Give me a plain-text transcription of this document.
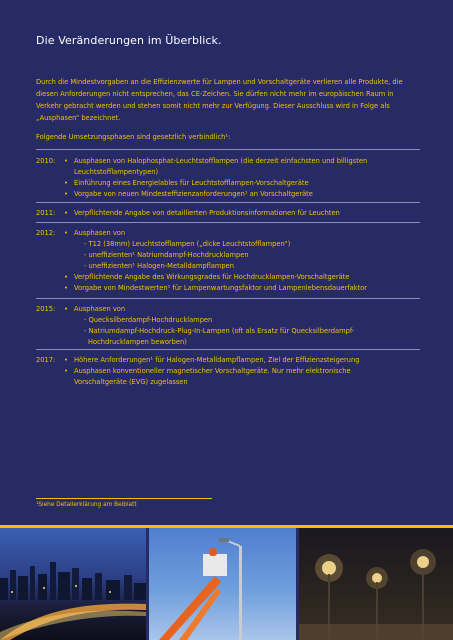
Die Veränderungen im Überblick.
Durch die Mindestvorgaben an die Effizienzwerte für Lampen und Vorschaltgeräte verlieren alle Produkte, die diesen Anforderungen nicht entsprechen, das CE-Zeichen. Sie dürfen nicht mehr im europäischen Raum in Verkehr gebracht werden und stehen somit nicht mehr zur Verfügung. Dieser Ausschluss wird in Folge als „Ausphasen“ bezeichnet.
Folgende Umsetzungsphasen sind gesetzlich verbindlich¹:
2010:	• Ausphasen von Halophosphat-Leuchtstofflampen (die derzeit einfachsten und billigsten
Leuchtstofflampentypen)
• Einführung eines Energielables für Leuchtstofflampen-Vorschaltgeräte
• Vorgabe von neuen Mindesteffizienzanforderungen¹ an Vorschaltgeräte
2011:	• Verpflichtende Angabe von detaillierten Produktionsinformationen für Leuchten
2012:	• Ausphasen von
- T12 (38mm) Leuchtstofflampen („dicke Leuchtstofflampen“)
- uneffizienten¹ Natriumdampf-Hochdrucklampen
- uneffizienten¹ Halogen-Metalldampflampen
• Verpflichtende Angabe des Wirkungsgrades für Hochdrucklampen-Vorschaltgeräte
• Vorgabe von Mindestwerten¹ für Lampenwartungsfaktor und Lampenlebensdauerfaktor
2015:	• Ausphasen von
- Quecksilberdampf-Hochdrucklampen
- Natriumdampf-Hochdruck-Plug-In-Lampen (oft als Ersatz für Quecksilberdampf-
Hochdrucklampen beworben)
2017:	• Höhere Anforderungen¹ für Halogen-Metalldampflampen, Ziel der Effizienzsteigerung
• Ausphasen konventioneller magnetischer Vorschaltgeräte. Nur mehr elektronische
Vorschaltgeräte (EVG) zugelassen
¹Siehe Detailerklärung am Beiblatt
